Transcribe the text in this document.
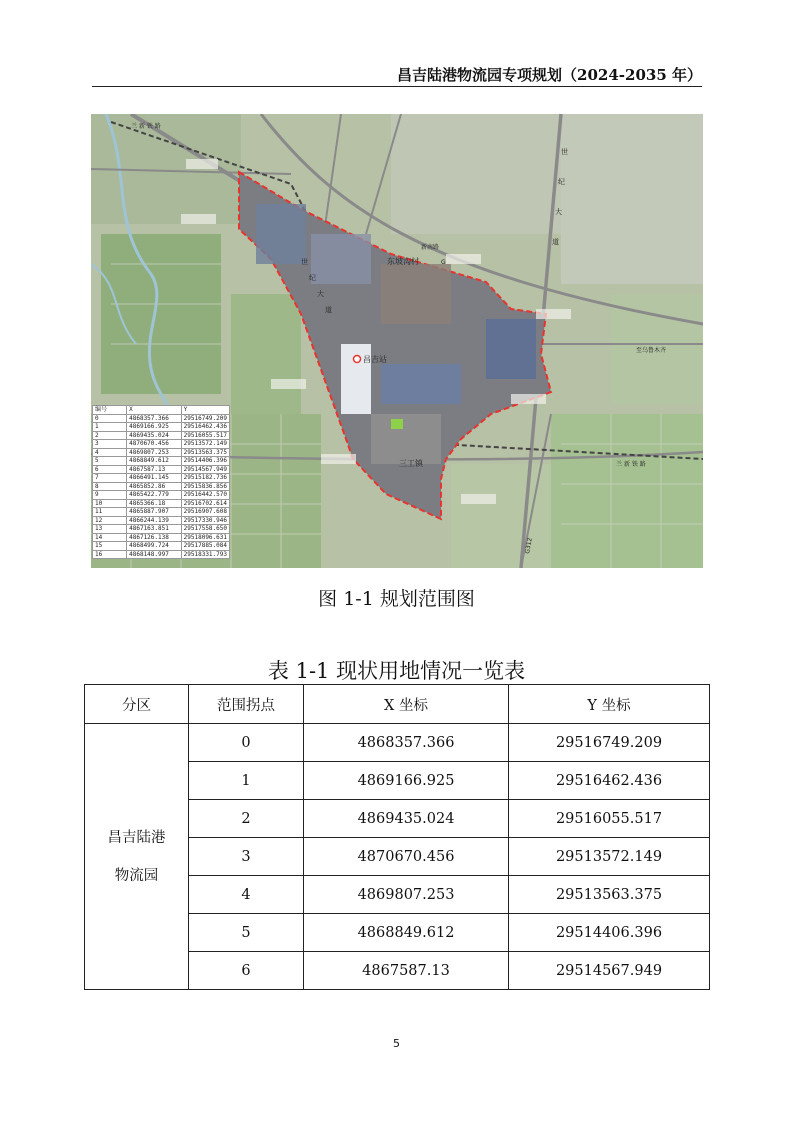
昌吉陆港物流园专项规划（2024-2035 年）
东坡沟村
昌吉站
三工镇
至乌鲁木齐
世
纪
大
道
世
纪
大
道
新南路
G
兰 新 铁 路
兰 新 铁 路
G312
编号	X	Y
0	4868357.366	29516749.209
1	4869166.925	29516462.436
2	4869435.024	29516055.517
3	4870670.456	29513572.149
4	4869807.253	29513563.375
5	4868849.612	29514406.396
6	4867587.13	29514567.949
7	4866491.145	29515182.736
8	4865852.86	29515836.856
9	4865422.779	29516442.570
10	4865366.18	29516702.614
11	4865887.907	29516907.608
12	4866244.139	29517330.946
13	4867163.851	29517558.650
14	4867126.138	29518096.631
15	4868499.724	29517885.084
16	4868148.997	29518331.793
图 1-1 规划范围图
表 1-1 现状用地情况一览表
分区	范围拐点	X 坐标	Y 坐标

昌吉陆港
物流园	0	4868357.366	29516749.209
	1	4869166.925	29516462.436
	2	4869435.024	29516055.517
	3	4870670.456	29513572.149
	4	4869807.253	29513563.375
	5	4868849.612	29514406.396
	6	4867587.13	29514567.949
5
